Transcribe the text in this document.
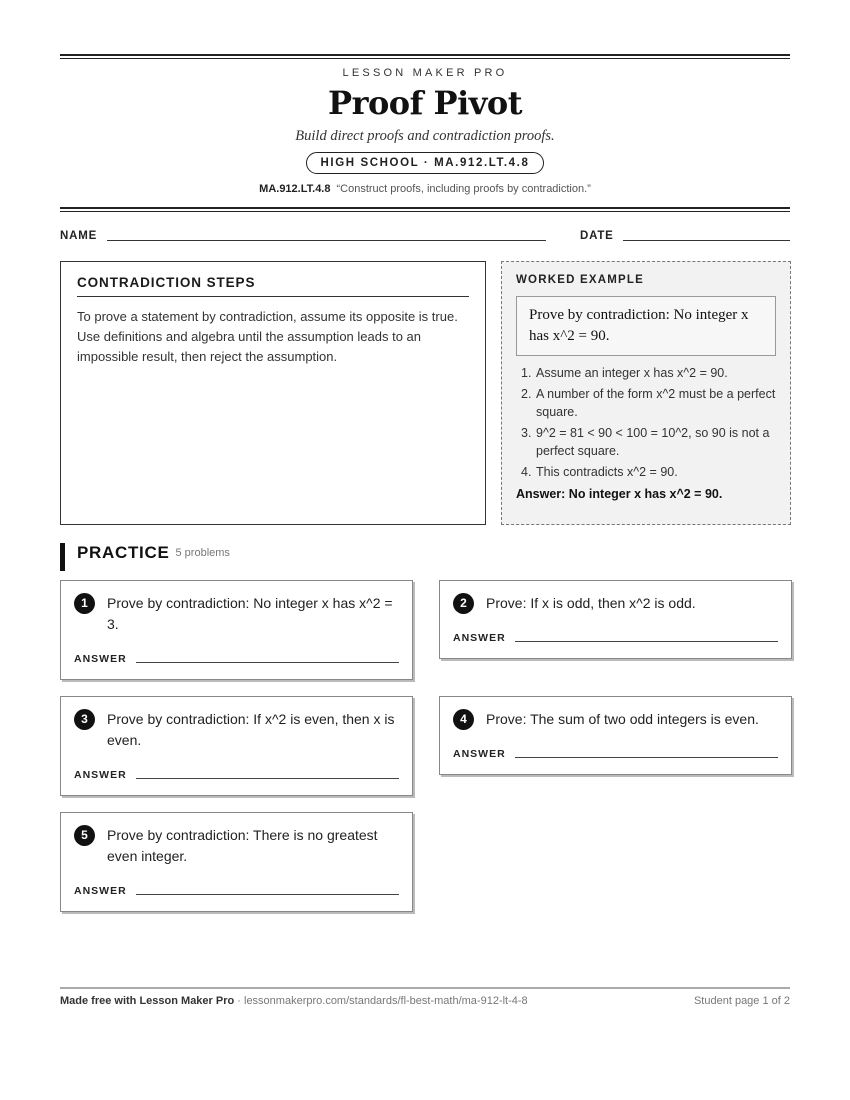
LESSON MAKER PRO
Proof Pivot
Build direct proofs and contradiction proofs.
HIGH SCHOOL · MA.912.LT.4.8
MA.912.LT.4.8 “Construct proofs, including proofs by contradiction.”
NAME	DATE
CONTRADICTION STEPS

To prove a statement by contradiction, assume its opposite is true. Use definitions and algebra until the assumption leads to an impossible result, then reject the assumption.

WORKED EXAMPLE
Prove by contradiction: No integer x has x^2 = 90.
1. Assume an integer x has x^2 = 90.
2. A number of the form x^2 must be a perfect square.
3. 9^2 = 81 < 90 < 100 = 10^2, so 90 is not a perfect square.
4. This contradicts x^2 = 90.
Answer: No integer x has x^2 = 90.
PRACTICE 5 problems
1	Prove by contradiction: No integer x has x^2 = 3.
ANSWER
2	Prove: If x is odd, then x^2 is odd.
ANSWER
3	Prove by contradiction: If x^2 is even, then x is even.
ANSWER
4	Prove: The sum of two odd integers is even.
ANSWER
5	Prove by contradiction: There is no greatest even integer.
ANSWER
Made free with Lesson Maker Pro · lessonmakerpro.com/standards/fl-best-math/ma-912-lt-4-8	Student page 1 of 2
